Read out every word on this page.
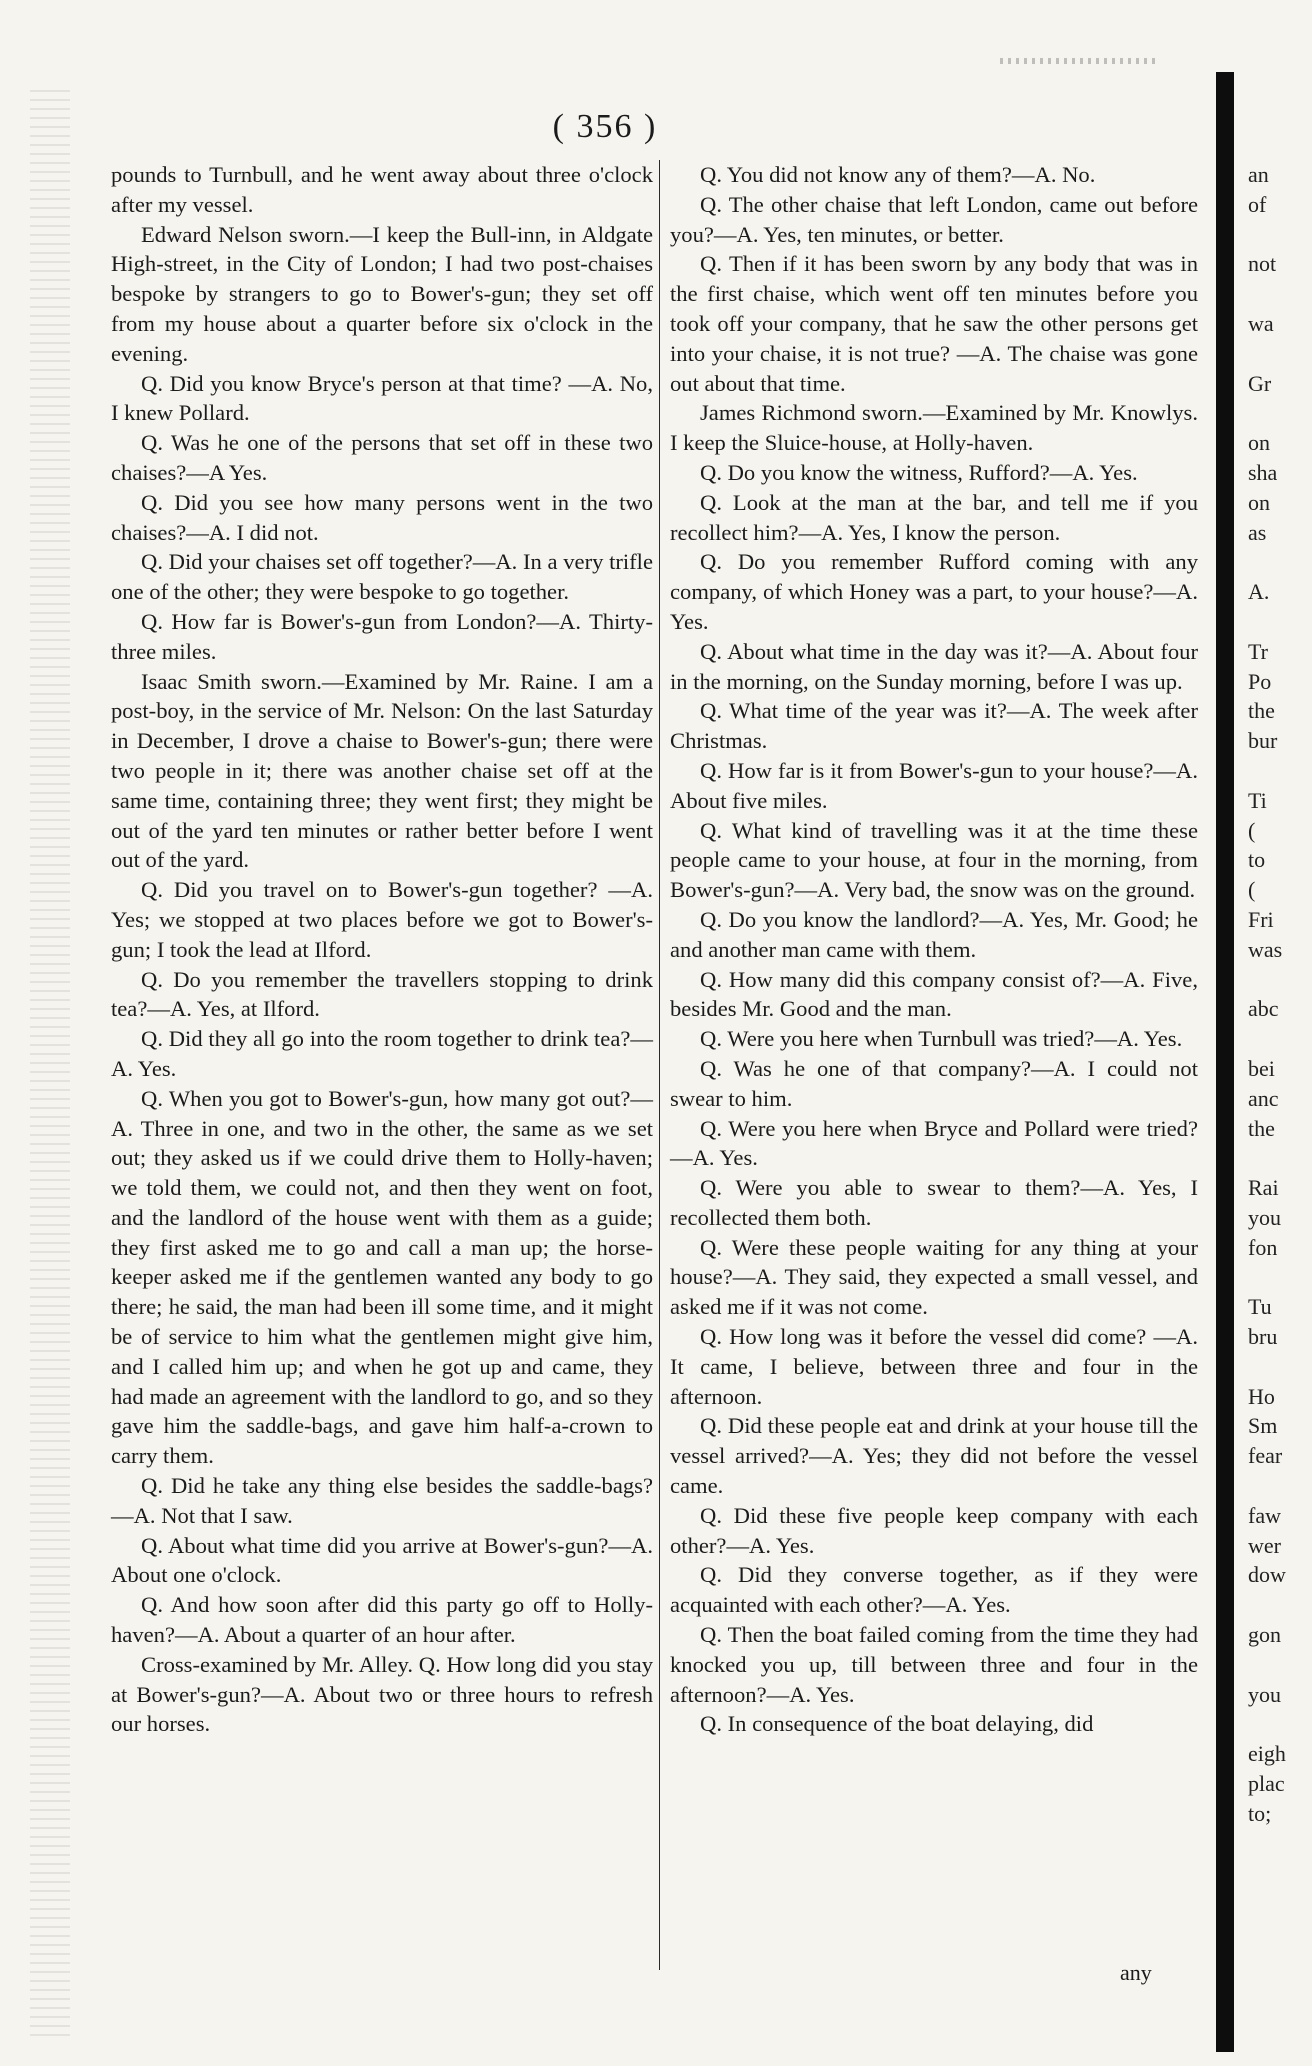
( 356 )

pounds to Turnbull, and he went away about three o'clock after my vessel.

Edward Nelson sworn.—I keep the Bull-inn, in Aldgate High-street, in the City of London; I had two post-chaises bespoke by strangers to go to Bower's-gun; they set off from my house about a quarter before six o'clock in the evening.

Q. Did you know Bryce's person at that time? —A. No, I knew Pollard.

Q. Was he one of the persons that set off in these two chaises?—A Yes.

Q. Did you see how many persons went in the two chaises?—A. I did not.

Q. Did your chaises set off together?—A. In a very trifle one of the other; they were bespoke to go together.

Q. How far is Bower's-gun from London?—A. Thirty-three miles.

Isaac Smith sworn.—Examined by Mr. Raine. I am a post-boy, in the service of Mr. Nelson: On the last Saturday in December, I drove a chaise to Bower's-gun; there were two people in it; there was another chaise set off at the same time, containing three; they went first; they might be out of the yard ten minutes or rather better before I went out of the yard.

Q. Did you travel on to Bower's-gun together? —A. Yes; we stopped at two places before we got to Bower's-gun; I took the lead at Ilford.

Q. Do you remember the travellers stopping to drink tea?—A. Yes, at Ilford.

Q. Did they all go into the room together to drink tea?—A. Yes.

Q. When you got to Bower's-gun, how many got out?—A. Three in one, and two in the other, the same as we set out; they asked us if we could drive them to Holly-haven; we told them, we could not, and then they went on foot, and the landlord of the house went with them as a guide; they first asked me to go and call a man up; the horse-keeper asked me if the gentlemen wanted any body to go there; he said, the man had been ill some time, and it might be of service to him what the gentlemen might give him, and I called him up; and when he got up and came, they had made an agreement with the landlord to go, and so they gave him the saddle-bags, and gave him half-a-crown to carry them.

Q. Did he take any thing else besides the saddle-bags?—A. Not that I saw.

Q. About what time did you arrive at Bower's-gun?—A. About one o'clock.

Q. And how soon after did this party go off to Holly-haven?—A. About a quarter of an hour after.

Cross-examined by Mr. Alley. Q. How long did you stay at Bower's-gun?—A. About two or three hours to refresh our horses.

Q. You did not know any of them?—A. No.

Q. The other chaise that left London, came out before you?—A. Yes, ten minutes, or better.

Q. Then if it has been sworn by any body that was in the first chaise, which went off ten minutes before you took off your company, that he saw the other persons get into your chaise, it is not true? —A. The chaise was gone out about that time.

James Richmond sworn.—Examined by Mr. Knowlys. I keep the Sluice-house, at Holly-haven.

Q. Do you know the witness, Rufford?—A. Yes.

Q. Look at the man at the bar, and tell me if you recollect him?—A. Yes, I know the person.

Q. Do you remember Rufford coming with any company, of which Honey was a part, to your house?—A. Yes.

Q. About what time in the day was it?—A. About four in the morning, on the Sunday morning, before I was up.

Q. What time of the year was it?—A. The week after Christmas.

Q. How far is it from Bower's-gun to your house?—A. About five miles.

Q. What kind of travelling was it at the time these people came to your house, at four in the morning, from Bower's-gun?—A. Very bad, the snow was on the ground.

Q. Do you know the landlord?—A. Yes, Mr. Good; he and another man came with them.

Q. How many did this company consist of?—A. Five, besides Mr. Good and the man.

Q. Were you here when Turnbull was tried?—A. Yes.

Q. Was he one of that company?—A. I could not swear to him.

Q. Were you here when Bryce and Pollard were tried?—A. Yes.

Q. Were you able to swear to them?—A. Yes, I recollected them both.

Q. Were these people waiting for any thing at your house?—A. They said, they expected a small vessel, and asked me if it was not come.

Q. How long was it before the vessel did come? —A. It came, I believe, between three and four in the afternoon.

Q. Did these people eat and drink at your house till the vessel arrived?—A. Yes; they did not before the vessel came.

Q. Did these five people keep company with each other?—A. Yes.

Q. Did they converse together, as if they were acquainted with each other?—A. Yes.

Q. Then the boat failed coming from the time they had knocked you up, till between three and four in the afternoon?—A. Yes.

Q. In consequence of the boat delaying, did

any
an
of
not
wa
Gr
on
sha
on
as
A.
Tr
Po
the
bur
Ti
(
to
(
Fri
was
abc
bei
anc
the
Rai
you
fon
Tu
bru
Ho
Sm
fear
faw
wer
dow
gon
you
eigh
plac
to;
